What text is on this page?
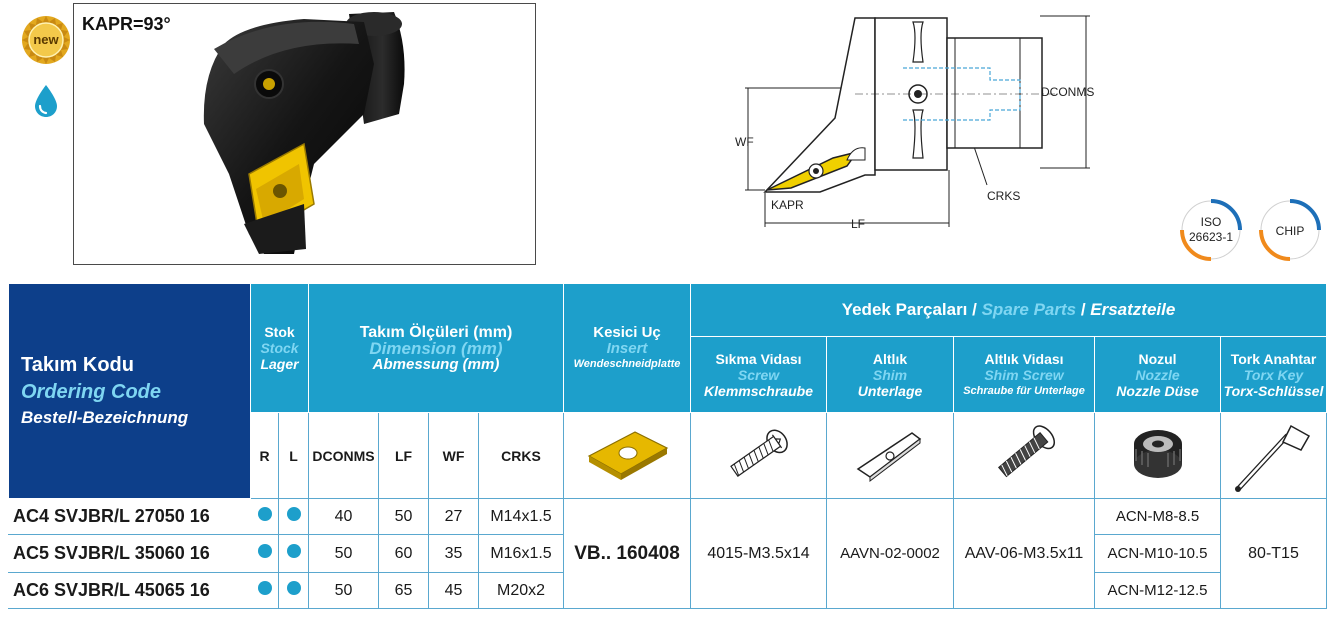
new
KAPR=93°
DCONMS
WF
LF
KAPR
CRKS
ISO
26623-1	CHIP
Takım Kodu
Ordering Code
Bestell-Bezeichnung	Stok
Stock
Lager		Takım Ölçüleri (mm)
Dimension (mm)
Abmessung (mm)				Kesici Uç
Insert
Wendeschneidplatte	Yedek Parçaları / Spare Parts / Ersatzteile				

								Sıkma Vidası
Screw
Klemmschraube	Altlık
Shim
Unterlage	Altlık Vidası
Shim Screw
Schraube für Unterlage	Nozul
Nozzle
Nozzle Düse	Tork Anahtar
Torx Key
Torx-Schlüssel

	R	L	DCONMS	LF	WF	CRKS						
AC4 SVJBR/L 27050 16			40	50	27	M14x1.5	VB.. 160408	4015-M3.5x14	AAVN-02-0002	AAV-06-M3.5x11	ACN-M8-8.5	80-T15
AC5 SVJBR/L 35060 16			50	60	35	M16x1.5					ACN-M10-10.5	
AC6 SVJBR/L 45065 16			50	65	45	M20x2					ACN-M12-12.5	
